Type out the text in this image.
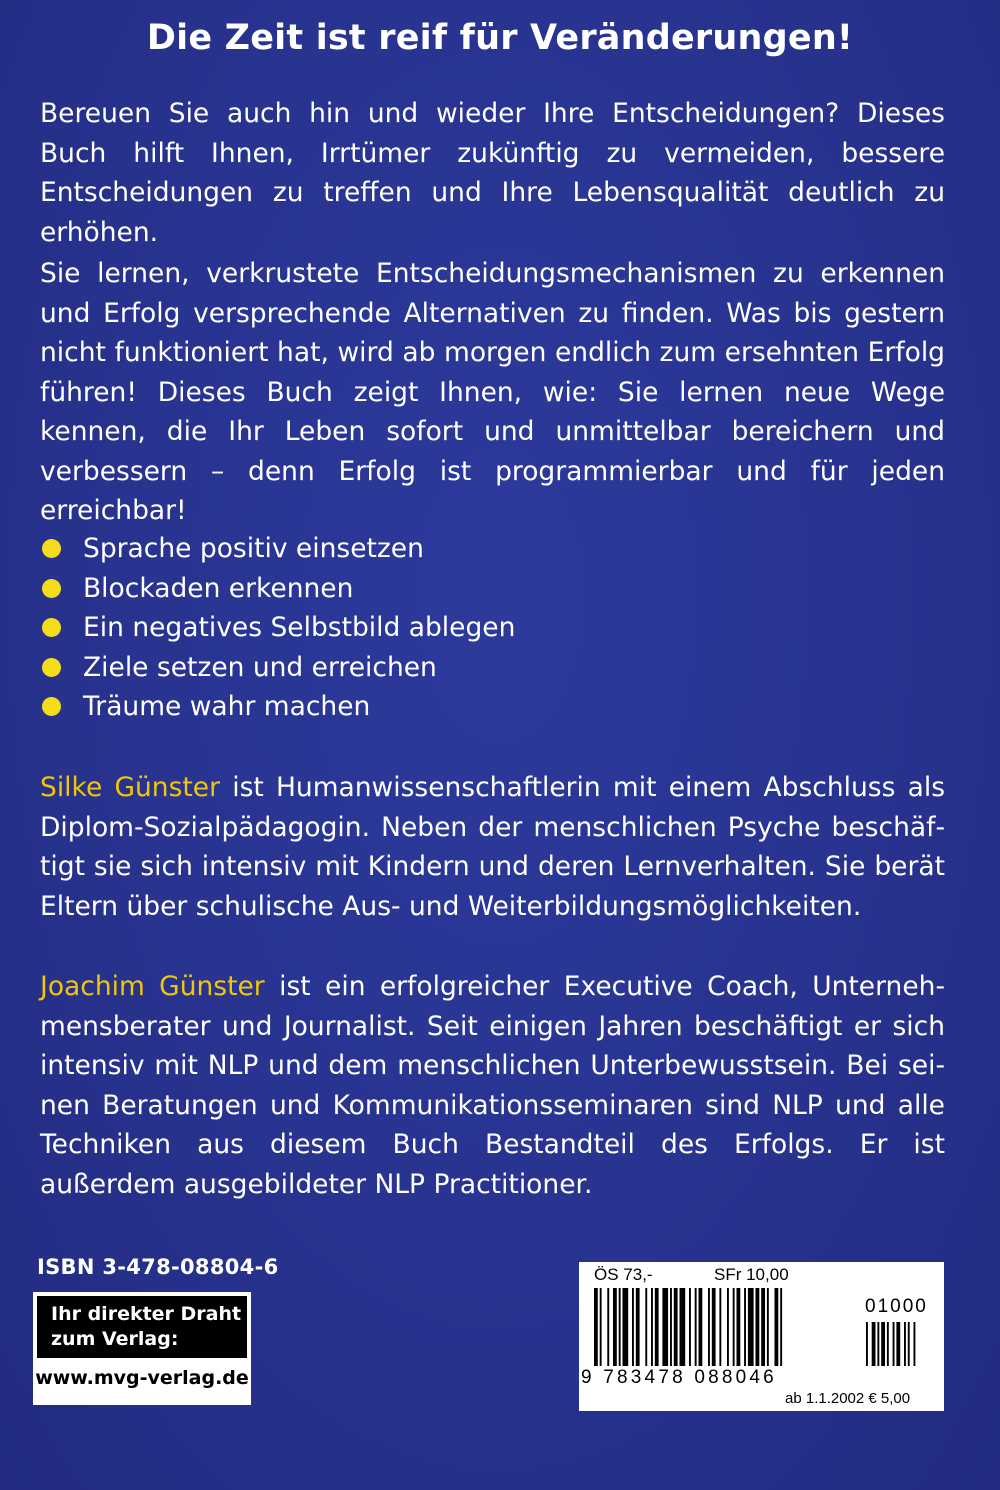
Die Zeit ist reif für Veränderungen!

Bereuen Sie auch hin und wieder Ihre Entscheidungen? Dieses Buch hilft Ihnen, Irrtümer zukünftig zu vermeiden, bessere Entscheidungen zu treffen und Ihre Lebensqualität deutlich zu erhöhen.

Sie lernen, verkrustete Entscheidungsmechanismen zu erkennen und Erfolg versprechende Alternativen zu finden. Was bis gestern nicht funktioniert hat, wird ab morgen endlich zum ersehnten Erfolg führen! Dieses Buch zeigt Ihnen, wie: Sie lernen neue Wege kennen, die Ihr Leben sofort und unmittelbar bereichern und verbessern – denn Erfolg ist programmierbar und für jeden erreichbar!

Sprache positiv einsetzen
Blockaden erkennen
Ein negatives Selbstbild ablegen
Ziele setzen und erreichen
Träume wahr machen

Silke Günster ist Humanwissenschaftlerin mit einem Abschluss als Diplom-Sozialpädagogin. Neben der menschlichen Psyche beschäftigt sie sich intensiv mit Kindern und deren Lernverhalten. Sie berät Eltern über schulische Aus- und Weiterbildungsmöglichkeiten.

Joachim Günster ist ein erfolgreicher Executive Coach, Unternehmensberater und Journalist. Seit einigen Jahren beschäftigt er sich intensiv mit NLP und dem menschlichen Unterbewusstsein. Bei seinen Beratungen und Kommunikationsseminaren sind NLP und alle Techniken aus diesem Buch Bestandteil des Erfolgs. Er ist außerdem ausgebildeter NLP Practitioner.

ISBN 3-478-08804-6
Ihr direkter Draht
zum Verlag:
www.mvg-verlag.de
ÖS 73,-	SFr 10,00
01000
9 783478 088046
ab 1.1.2002 € 5,00
